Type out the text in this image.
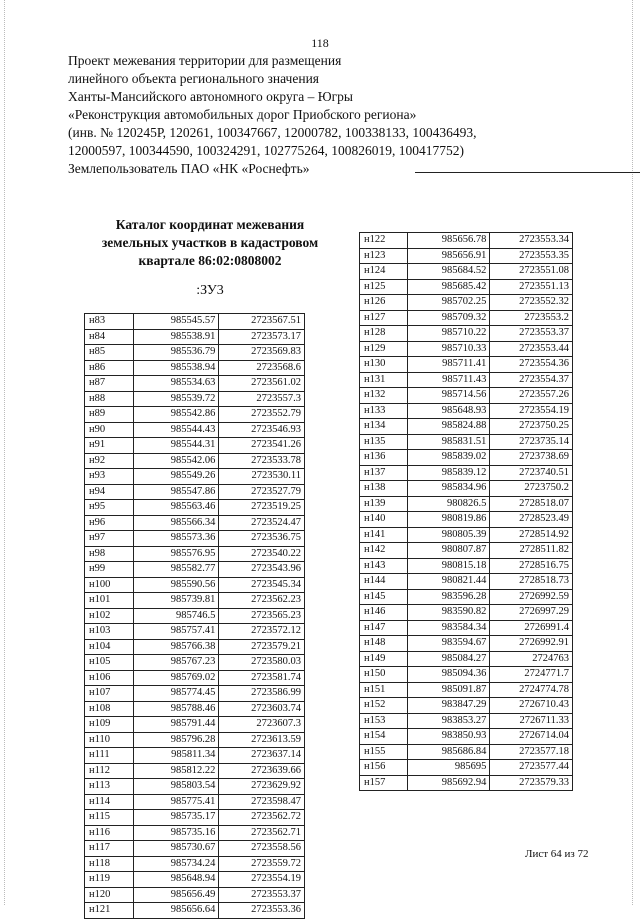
118
Проект межевания территории для размещения
линейного объекта регионального значения
Ханты-Мансийского автономного округа – Югры
«Реконструкция автомобильных дорог Приобского региона»
(инв. № 120245Р, 120261, 100347667, 12000782, 100338133, 100436493,
12000597, 100344590, 100324291, 102775264, 100826019, 100417752)
Землепользователь ПАО «НК «Роснефть»
Каталог координат межевания
земельных участков в кадастровом
квартале 86:02:0808002
:ЗУ3
н83	985545.57	2723567.51
н84	985538.91	2723573.17
н85	985536.79	2723569.83
н86	985538.94	2723568.6
н87	985534.63	2723561.02
н88	985539.72	2723557.3
н89	985542.86	2723552.79
н90	985544.43	2723546.93
н91	985544.31	2723541.26
н92	985542.06	2723533.78
н93	985549.26	2723530.11
н94	985547.86	2723527.79
н95	985563.46	2723519.25
н96	985566.34	2723524.47
н97	985573.36	2723536.75
н98	985576.95	2723540.22
н99	985582.77	2723543.96
н100	985590.56	2723545.34
н101	985739.81	2723562.23
н102	985746.5	2723565.23
н103	985757.41	2723572.12
н104	985766.38	2723579.21
н105	985767.23	2723580.03
н106	985769.02	2723581.74
н107	985774.45	2723586.99
н108	985788.46	2723603.74
н109	985791.44	2723607.3
н110	985796.28	2723613.59
н111	985811.34	2723637.14
н112	985812.22	2723639.66
н113	985803.54	2723629.92
н114	985775.41	2723598.47
н115	985735.17	2723562.72
н116	985735.16	2723562.71
н117	985730.67	2723558.56
н118	985734.24	2723559.72
н119	985648.94	2723554.19
н120	985656.49	2723553.37
н121	985656.64	2723553.36
н122	985656.78	2723553.34
н123	985656.91	2723553.35
н124	985684.52	2723551.08
н125	985685.42	2723551.13
н126	985702.25	2723552.32
н127	985709.32	2723553.2
н128	985710.22	2723553.37
н129	985710.33	2723553.44
н130	985711.41	2723554.36
н131	985711.43	2723554.37
н132	985714.56	2723557.26
н133	985648.93	2723554.19
н134	985824.88	2723750.25
н135	985831.51	2723735.14
н136	985839.02	2723738.69
н137	985839.12	2723740.51
н138	985834.96	2723750.2
н139	980826.5	2728518.07
н140	980819.86	2728523.49
н141	980805.39	2728514.92
н142	980807.87	2728511.82
н143	980815.18	2728516.75
н144	980821.44	2728518.73
н145	983596.28	2726992.59
н146	983590.82	2726997.29
н147	983584.34	2726991.4
н148	983594.67	2726992.91
н149	985084.27	2724763
н150	985094.36	2724771.7
н151	985091.87	2724774.78
н152	983847.29	2726710.43
н153	983853.27	2726711.33
н154	983850.93	2726714.04
н155	985686.84	2723577.18
н156	985695	2723577.44
н157	985692.94	2723579.33
Лист 64 из 72
